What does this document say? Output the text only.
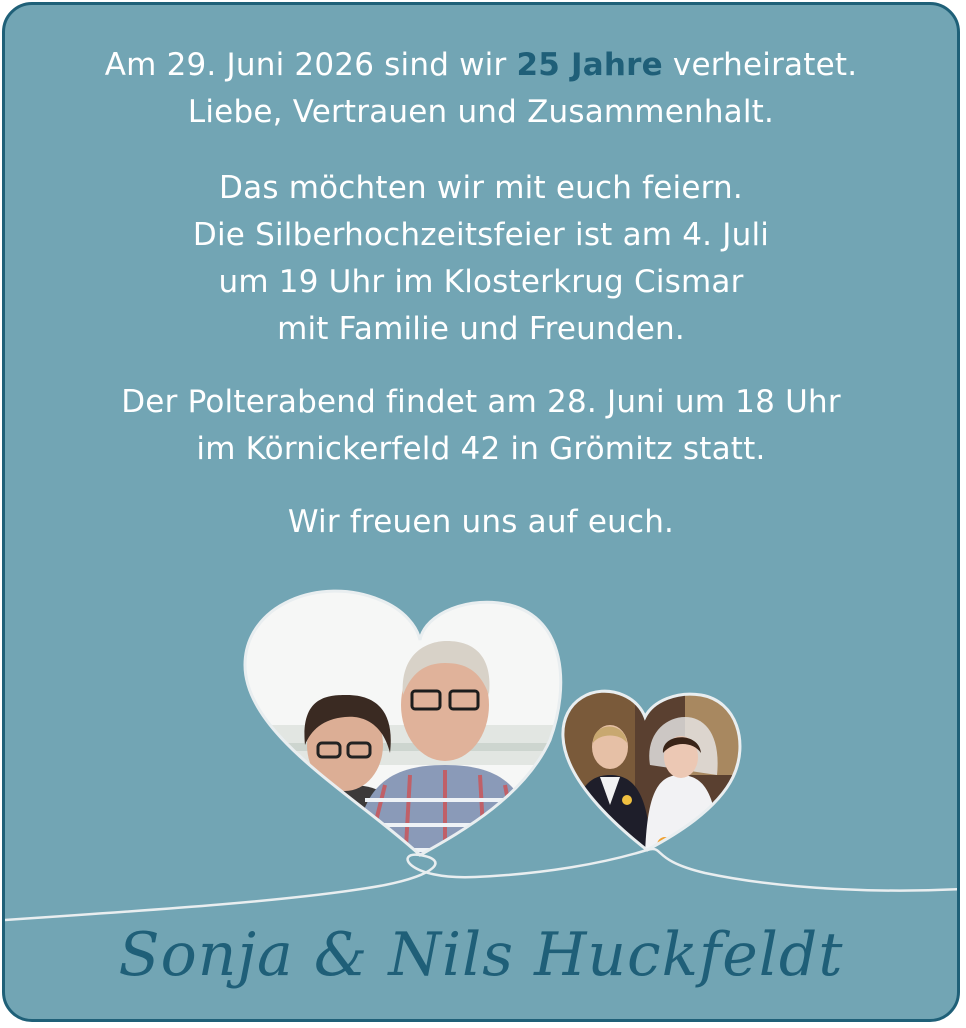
Am 29. Juni 2026 sind wir 25 Jahre verheiratet.
Liebe, Vertrauen und Zusammenhalt.
Das möchten wir mit euch feiern.
Die Silberhochzeitsfeier ist am 4. Juli
um 19 Uhr im Klosterkrug Cismar
mit Familie und Freunden.
Der Polterabend findet am 28. Juni um 18 Uhr
im Körnickerfeld 42 in Grömitz statt.
Wir freuen uns auf euch.
Sonja & Nils Huckfeldt
